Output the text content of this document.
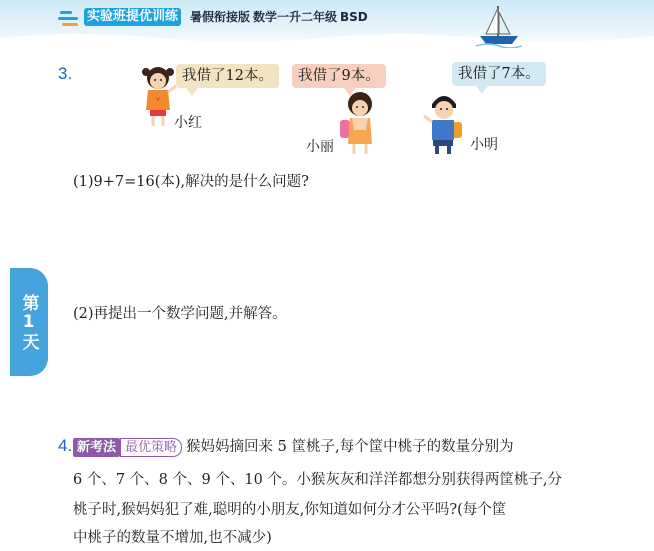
实验班提优训练 暑假衔接版 数学一升二年级 BSD
第1天
3.	我借了12本。	我借了9本。	我借了7本。
小红
小丽	小明
(1)9+7=16(本),解决的是什么问题?
(2)再提出一个数学问题,并解答。
4. 新考法 最优策略 猴妈妈摘回来 5 筐桃子,每个筐中桃子的数量分别为
6 个、7 个、8 个、9 个、10 个。小猴灰灰和洋洋都想分别获得两筐桃子,分
桃子时,猴妈妈犯了难,聪明的小朋友,你知道如何分才公平吗?(每个筐
中桃子的数量不增加,也不减少)
